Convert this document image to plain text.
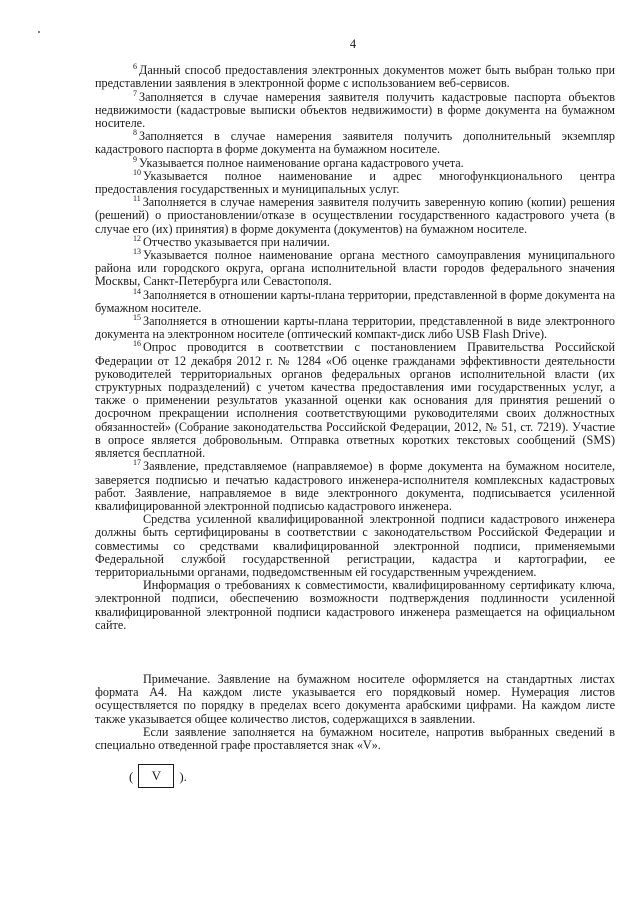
4

$^6$ Данный способ предоставления электронных документов может быть выбран только при представлении заявления в электронной форме с использованием веб-сервисов.

$^7$ Заполняется в случае намерения заявителя получить кадастровые паспорта объектов недвижимости (кадастровые выписки объектов недвижимости) в форме документа на бумажном носителе.

$^8$ Заполняется в случае намерения заявителя получить дополнительный экземпляр кадастрового паспорта в форме документа на бумажном носителе.

$^9$ Указывается полное наименование органа кадастрового учета.

$^{10}$ Указывается полное наименование и адрес многофункционального центра предоставления государственных и муниципальных услуг.

$^{11}$ Заполняется в случае намерения заявителя получить заверенную копию (копии) решения (решений) о приостановлении/отказе в осуществлении государственного кадастрового учета (в случае его (их) принятия) в форме документа (документов) на бумажном носителе.

$^{12}$ Отчество указывается при наличии.

$^{13}$ Указывается полное наименование органа местного самоуправления муниципального района или городского округа, органа исполнительной власти городов федерального значения Москвы, Санкт-Петербурга или Севастополя.

$^{14}$ Заполняется в отношении карты-плана территории, представленной в форме документа на бумажном носителе.

$^{15}$ Заполняется в отношении карты-плана территории, представленной в виде электронного документа на электронном носителе (оптический компакт-диск либо USB Flash Drive).

$^{16}$ Опрос проводится в соответствии с постановлением Правительства Российской Федерации от 12 декабря 2012 г. № 1284 «Об оценке гражданами эффективности деятельности руководителей территориальных органов федеральных органов исполнительной власти (их структурных подразделений) с учетом качества предоставления ими государственных услуг, а также о применении результатов указанной оценки как основания для принятия решений о досрочном прекращении исполнения соответствующими руководителями своих должностных обязанностей» (Собрание законодательства Российской Федерации, 2012, № 51, ст. 7219). Участие в опросе является добровольным. Отправка ответных коротких текстовых сообщений (SMS) является бесплатной.

$^{17}$ Заявление, представляемое (направляемое) в форме документа на бумажном носителе, заверяется подписью и печатью кадастрового инженера-исполнителя комплексных кадастровых работ. Заявление, направляемое в виде электронного документа, подписывается усиленной квалифицированной электронной подписью кадастрового инженера.

Средства усиленной квалифицированной электронной подписи кадастрового инженера должны быть сертифицированы в соответствии с законодательством Российской Федерации и совместимы со средствами квалифицированной электронной подписи, применяемыми Федеральной службой государственной регистрации, кадастра и картографии, ее территориальными органами, подведомственным ей государственным учреждением.

Информация о требованиях к совместимости, квалифицированному сертификату ключа, электронной подписи, обеспечению возможности подтверждения подлинности усиленной квалифицированной электронной подписи кадастрового инженера размещается на официальном сайте.

Примечание. Заявление на бумажном носителе оформляется на стандартных листах формата А4. На каждом листе указывается его порядковый номер. Нумерация листов осуществляется по порядку в пределах всего документа арабскими цифрами. На каждом листе также указывается общее количество листов, содержащихся в заявлении.

Если заявление заполняется на бумажном носителе, напротив выбранных сведений в специально отведенной графе проставляется знак «V».

(	V	).
